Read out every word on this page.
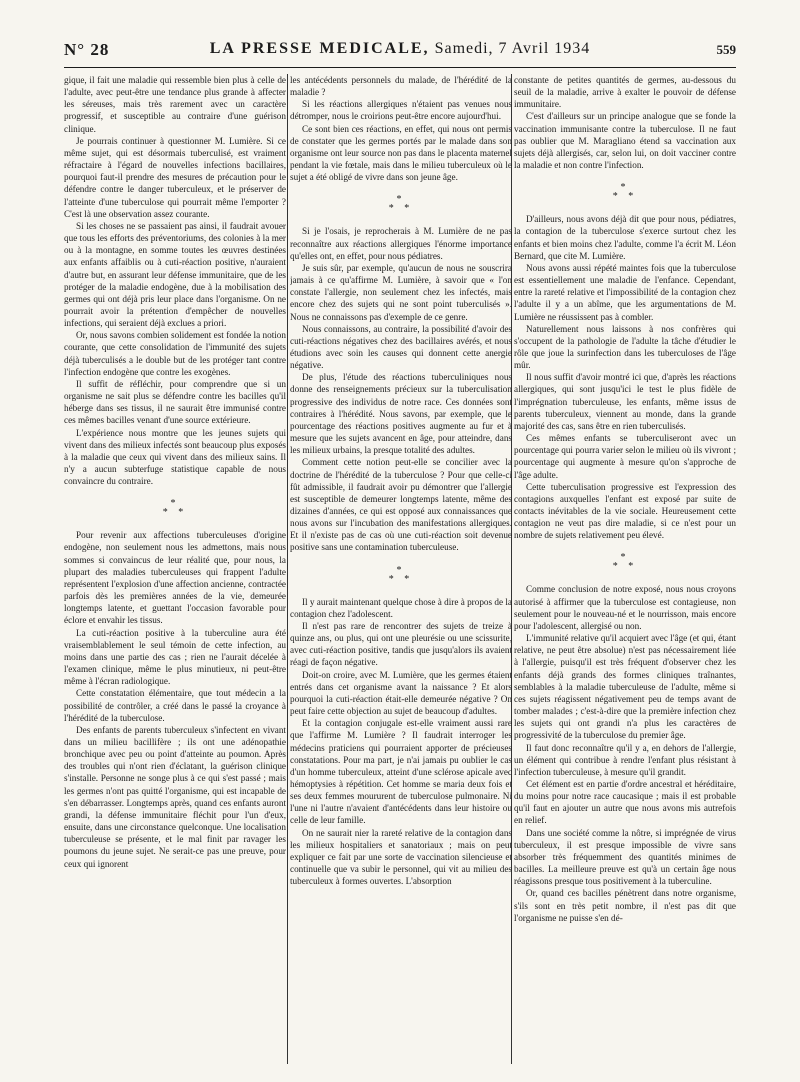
N° 28	LA PRESSE MEDICALE, Samedi, 7 Avril 1934	559

gique, il fait une maladie qui ressemble bien plus à celle de l'adulte, avec peut-être une tendance plus grande à affecter les séreuses, mais très rarement avec un caractère progressif, et susceptible au contraire d'une guérison clinique.

Je pourrais continuer à questionner M. Lumière. Si ce même sujet, qui est désormais tuberculisé, est vraiment réfractaire à l'égard de nouvelles infections bacillaires, pourquoi faut-il prendre des mesures de précaution pour le défendre contre le danger tuberculeux, et le préserver de l'atteinte d'une tuberculose qui pourrait même l'emporter ? C'est là une observation assez courante.

Si les choses ne se passaient pas ainsi, il faudrait avouer que tous les efforts des préventoriums, des colonies à la mer ou à la montagne, en somme toutes les œuvres destinées aux enfants affaiblis ou à cuti-réaction positive, n'auraient d'autre but, en assurant leur défense immunitaire, que de les protéger de la maladie endogène, due à la mobilisation des germes qui ont déjà pris leur place dans l'organisme. On ne pourrait avoir la prétention d'empêcher de nouvelles infections, qui seraient déjà exclues a priori.

Or, nous savons combien solidement est fondée la notion courante, que cette consolidation de l'immunité des sujets déjà tuberculisés a le double but de les protéger tant contre l'infection endogène que contre les exogènes.

Il suffit de réfléchir, pour comprendre que si un organisme ne sait plus se défendre contre les bacilles qu'il héberge dans ses tissus, il ne saurait être immunisé contre ces mêmes bacilles venant d'une source extérieure.

L'expérience nous montre que les jeunes sujets qui vivent dans des milieux infectés sont beaucoup plus exposés à la maladie que ceux qui vivent dans des milieux sains. Il n'y a aucun subterfuge statistique capable de nous convaincre du contraire.

*
* *

Pour revenir aux affections tuberculeuses d'origine endogène, non seulement nous les admettons, mais nous sommes si convaincus de leur réalité que, pour nous, la plupart des maladies tuberculeuses qui frappent l'adulte représentent l'explosion d'une affection ancienne, contractée parfois dès les premières années de la vie, demeurée longtemps latente, et guettant l'occasion favorable pour éclore et envahir les tissus.

La cuti-réaction positive à la tuberculine aura été vraisemblablement le seul témoin de cette infection, au moins dans une partie des cas ; rien ne l'aurait décelée à l'examen clinique, même le plus minutieux, ni peut-être même à l'écran radiologique.

Cette constatation élémentaire, que tout médecin a la possibilité de contrôler, a créé dans le passé la croyance à l'hérédité de la tuberculose.

Des enfants de parents tuberculeux s'infectent en vivant dans un milieu bacillifère ; ils ont une adénopathie bronchique avec peu ou point d'atteinte au poumon. Après des troubles qui n'ont rien d'éclatant, la guérison clinique s'installe. Personne ne songe plus à ce qui s'est passé ; mais les germes n'ont pas quitté l'organisme, qui est incapable de s'en débarrasser. Longtemps après, quand ces enfants auront grandi, la défense immunitaire fléchit pour l'un d'eux, ensuite, dans une circonstance quelconque. Une localisation tuberculeuse se présente, et le mal finit par ravager les poumons du jeune sujet. Ne serait-ce pas une preuve, pour ceux qui ignorent

les antécédents personnels du malade, de l'hérédité de la maladie ?

Si les réactions allergiques n'étaient pas venues nous détromper, nous le croirions peut-être encore aujourd'hui.

Ce sont bien ces réactions, en effet, qui nous ont permis de constater que les germes portés par le malade dans son organisme ont leur source non pas dans le placenta maternel pendant la vie fœtale, mais dans le milieu tuberculeux où le sujet a été obligé de vivre dans son jeune âge.

*
* *

Si je l'osais, je reprocherais à M. Lumière de ne pas reconnaître aux réactions allergiques l'énorme importance qu'elles ont, en effet, pour nous pédiatres.

Je suis sûr, par exemple, qu'aucun de nous ne souscrira jamais à ce qu'affirme M. Lumière, à savoir que « l'on constate l'allergie, non seulement chez les infectés, mais encore chez des sujets qui ne sont point tuberculisés ». Nous ne connaissons pas d'exemple de ce genre.

Nous connaissons, au contraire, la possibilité d'avoir des cuti-réactions négatives chez des bacillaires avérés, et nous étudions avec soin les causes qui donnent cette anergie négative.

De plus, l'étude des réactions tuberculiniques nous donne des renseignements précieux sur la tuberculisation progressive des individus de notre race. Ces données sont contraires à l'hérédité. Nous savons, par exemple, que le pourcentage des réactions positives augmente au fur et à mesure que les sujets avancent en âge, pour atteindre, dans les milieux urbains, la presque totalité des adultes.

Comment cette notion peut-elle se concilier avec la doctrine de l'hérédité de la tuberculose ? Pour que celle-ci fût admissible, il faudrait avoir pu démontrer que l'allergie est susceptible de demeurer longtemps latente, même des dizaines d'années, ce qui est opposé aux connaissances que nous avons sur l'incubation des manifestations allergiques. Et il n'existe pas de cas où une cuti-réaction soit devenue positive sans une contamination tuberculeuse.

*
* *

Il y aurait maintenant quelque chose à dire à propos de la contagion chez l'adolescent.

Il n'est pas rare de rencontrer des sujets de treize à quinze ans, ou plus, qui ont une pleurésie ou une scissurite, avec cuti-réaction positive, tandis que jusqu'alors ils avaient réagi de façon négative.

Doit-on croire, avec M. Lumière, que les germes étaient entrés dans cet organisme avant la naissance ? Et alors pourquoi la cuti-réaction était-elle demeurée négative ? On peut faire cette objection au sujet de beaucoup d'adultes.

Et la contagion conjugale est-elle vraiment aussi rare que l'affirme M. Lumière ? Il faudrait interroger les médecins praticiens qui pourraient apporter de précieuses constatations. Pour ma part, je n'ai jamais pu oublier le cas d'un homme tuberculeux, atteint d'une sclérose apicale avec hémoptysies à répétition. Cet homme se maria deux fois et ses deux femmes moururent de tuberculose pulmonaire. Ni l'une ni l'autre n'avaient d'antécédents dans leur histoire ou celle de leur famille.

On ne saurait nier la rareté relative de la contagion dans les milieux hospitaliers et sanatoriaux ; mais on peut expliquer ce fait par une sorte de vaccination silencieuse et continuelle que va subir le personnel, qui vit au milieu des tuberculeux à formes ouvertes. L'absorption

constante de petites quantités de germes, au-dessous du seuil de la maladie, arrive à exalter le pouvoir de défense immunitaire.

C'est d'ailleurs sur un principe analogue que se fonde la vaccination immunisante contre la tuberculose. Il ne faut pas oublier que M. Maragliano étend sa vaccination aux sujets déjà allergisés, car, selon lui, on doit vacciner contre la maladie et non contre l'infection.

*
* *

D'ailleurs, nous avons déjà dit que pour nous, pédiatres, la contagion de la tuberculose s'exerce surtout chez les enfants et bien moins chez l'adulte, comme l'a écrit M. Léon Bernard, que cite M. Lumière.

Nous avons aussi répété maintes fois que la tuberculose est essentiellement une maladie de l'enfance. Cependant, entre la rareté relative et l'impossibilité de la contagion chez l'adulte il y a un abîme, que les argumentations de M. Lumière ne réussissent pas à combler.

Naturellement nous laissons à nos confrères qui s'occupent de la pathologie de l'adulte la tâche d'étudier le rôle que joue la surinfection dans les tuberculoses de l'âge mûr.

Il nous suffit d'avoir montré ici que, d'après les réactions allergiques, qui sont jusqu'ici le test le plus fidèle de l'imprégnation tuberculeuse, les enfants, même issus de parents tuberculeux, viennent au monde, dans la grande majorité des cas, sans être en rien tuberculisés.

Ces mêmes enfants se tuberculiseront avec un pourcentage qui pourra varier selon le milieu où ils vivront ; pourcentage qui augmente à mesure qu'on s'approche de l'âge adulte.

Cette tuberculisation progressive est l'expression des contagions auxquelles l'enfant est exposé par suite de contacts inévitables de la vie sociale. Heureusement cette contagion ne veut pas dire maladie, si ce n'est pour un nombre de sujets relativement peu élevé.

*
* *

Comme conclusion de notre exposé, nous nous croyons autorisé à affirmer que la tuberculose est contagieuse, non seulement pour le nouveau-né et le nourrisson, mais encore pour l'adolescent, allergisé ou non.

L'immunité relative qu'il acquiert avec l'âge (et qui, étant relative, ne peut être absolue) n'est pas nécessairement liée à l'allergie, puisqu'il est très fréquent d'observer chez les enfants déjà grands des formes cliniques traînantes, semblables à la maladie tuberculeuse de l'adulte, même si ces sujets réagissent négativement peu de temps avant de tomber malades ; c'est-à-dire que la première infection chez les sujets qui ont grandi n'a plus les caractères de progressivité de la tuberculose du premier âge.

Il faut donc reconnaître qu'il y a, en dehors de l'allergie, un élément qui contribue à rendre l'enfant plus résistant à l'infection tuberculeuse, à mesure qu'il grandit.

Cet élément est en partie d'ordre ancestral et héréditaire, du moins pour notre race caucasique ; mais il est probable qu'il faut en ajouter un autre que nous avons mis autrefois en relief.

Dans une société comme la nôtre, si imprégnée de virus tuberculeux, il est presque impossible de vivre sans absorber très fréquemment des quantités minimes de bacilles. La meilleure preuve est qu'à un certain âge nous réagissons presque tous positivement à la tuberculine.

Or, quand ces bacilles pénètrent dans notre organisme, s'ils sont en très petit nombre, il n'est pas dit que l'organisme ne puisse s'en dé-
